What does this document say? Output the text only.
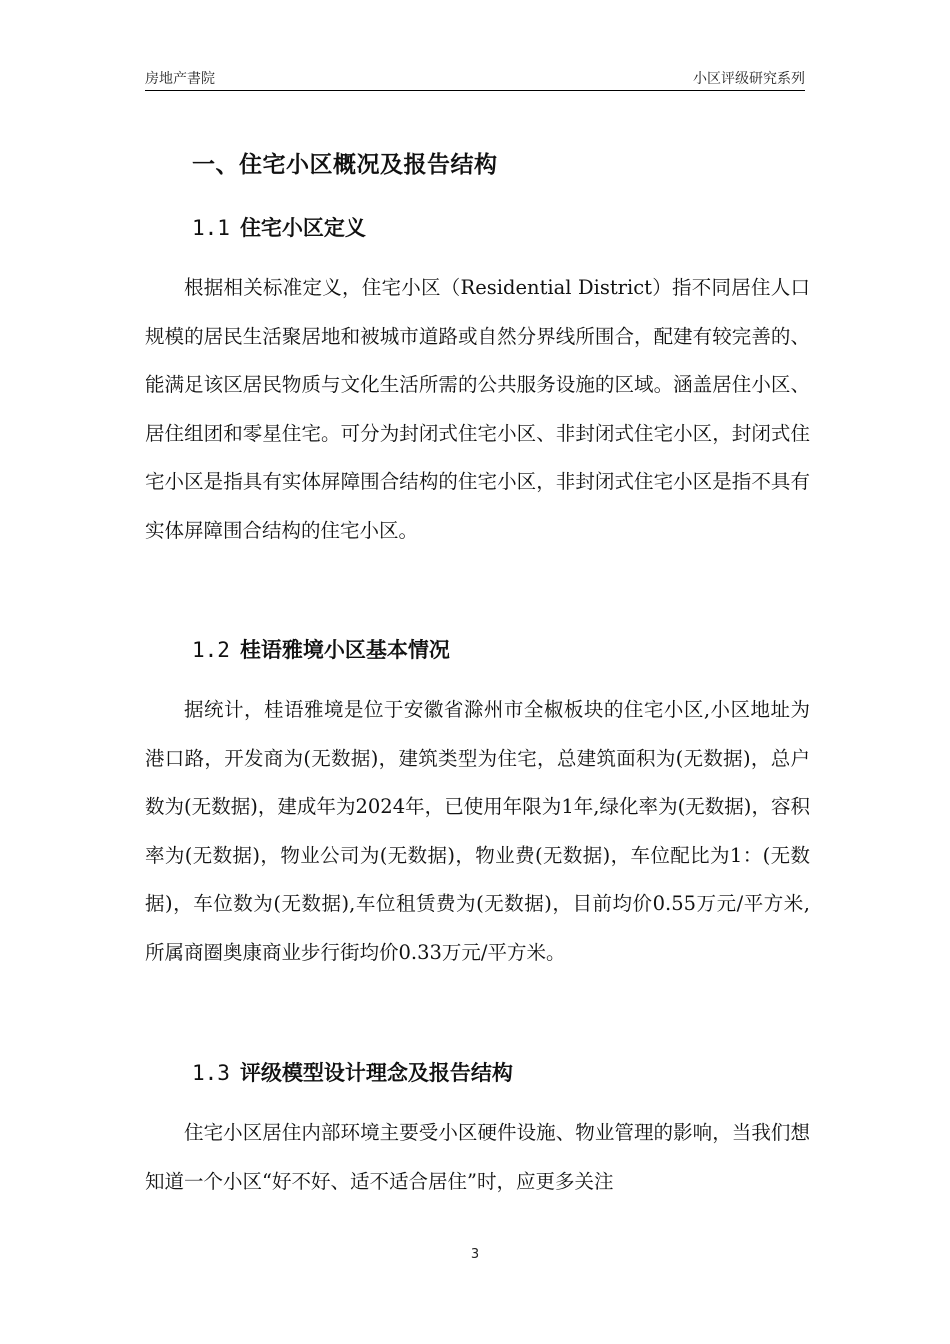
房地产書院	小区评级研究系列
一、住宅小区概况及报告结构
1.1 住宅小区定义

根据相关标准定义，住宅小区（Residential District）指不同居住人口规模的居民生活聚居地和被城市道路或自然分界线所围合，配建有较完善的、能满足该区居民物质与文化生活所需的公共服务设施的区域。涵盖居住小区、居住组团和零星住宅。可分为封闭式住宅小区、非封闭式住宅小区，封闭式住宅小区是指具有实体屏障围合结构的住宅小区，非封闭式住宅小区是指不具有实体屏障围合结构的住宅小区。

1.2 桂语雅境小区基本情况

据统计，桂语雅境是位于安徽省滁州市全椒板块的住宅小区,小区地址为港口路，开发商为(无数据)，建筑类型为住宅，总建筑面积为(无数据)，总户数为(无数据)，建成年为2024年，已使用年限为1年,绿化率为(无数据)，容积率为(无数据)，物业公司为(无数据)，物业费(无数据)，车位配比为1：(无数据)，车位数为(无数据),车位租赁费为(无数据)，目前均价0.55万元/平方米,所属商圈奥康商业步行街均价0.33万元/平方米。

1.3 评级模型设计理念及报告结构

住宅小区居住内部环境主要受小区硬件设施、物业管理的影响，当我们想知道一个小区“好不好、适不适合居住”时，应更多关注

3
